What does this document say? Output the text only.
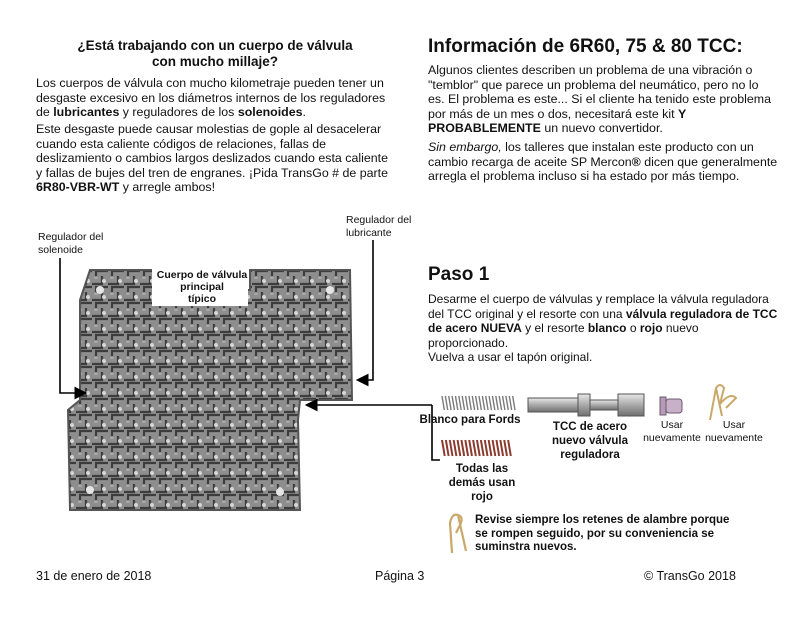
¿Está trabajando con un cuerpo de válvula
con mucho millaje?
Los cuerpos de válvula con mucho kilometraje pueden tener un desgaste excesivo en los diámetros internos de los reguladores de lubricantes y reguladores de los solenoides.
Este desgaste puede causar molestias de gople al desacelerar cuando esta caliente códigos de relaciones, fallas de deslizamiento o cambios largos deslizados cuando esta caliente y fallas de bujes del tren de engranes. ¡Pida TransGo # de parte 6R80-VBR-WT y arregle ambos!
Información de 6R60, 75 & 80 TCC:
Algunos clientes describen un problema de una vibración o "temblor" que parece un problema del neumático, pero no lo es. El problema es este... Si el cliente ha tenido este problema por más de un mes o dos, necesitará este kit Y PROBABLEMENTE un nuevo convertidor.
Sin embargo, los talleres que instalan este producto con un cambio recarga de aceite SP Mercon® dicen que generalmente arregla el problema incluso si ha estado por más tiempo.
Regulador del solenoide
Regulador del lubricante
Cuerpo de válvula
principal
típico
Paso 1
Desarme el cuerpo de válvulas y remplace la válvula reguladora del TCC original y el resorte con una válvula reguladora de TCC de acero NUEVA y el resorte blanco o rojo nuevo proporcionado.
Vuelva a usar el tapón original.
Blanco para Fords
Todas las
demás usan
rojo
TCC de acero
nuevo válvula
reguladora
Usar
nuevamente
Usar
nuevamente
Revise siempre los retenes de alambre porque
se rompen seguido, por su conveniencia se
suminstra nuevos.
31 de enero de 2018	Página 3	© TransGo 2018
